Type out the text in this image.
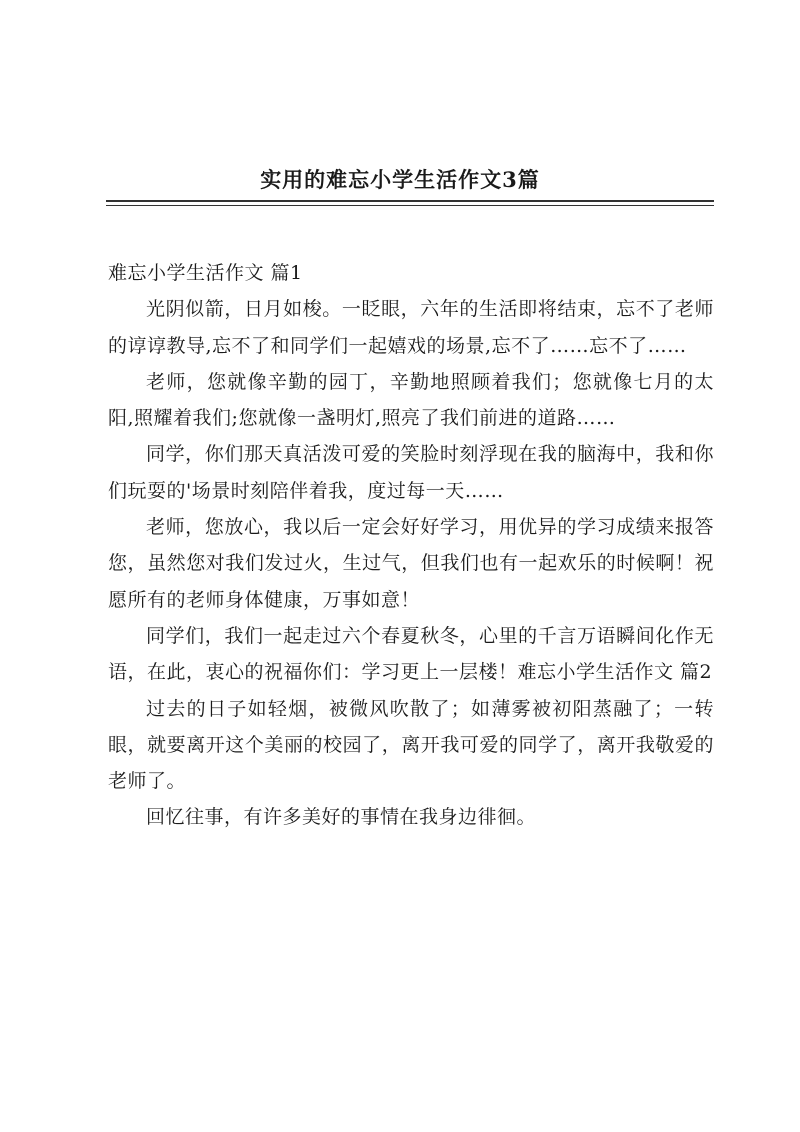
实用的难忘小学生活作文3篇

难忘小学生活作文 篇1

光阴似箭，日月如梭。一眨眼，六年的生活即将结束，忘不了老师的谆谆教导,忘不了和同学们一起嬉戏的场景,忘不了……忘不了……

老师，您就像辛勤的园丁，辛勤地照顾着我们；您就像七月的太阳,照耀着我们;您就像一盏明灯,照亮了我们前进的道路……

同学，你们那天真活泼可爱的笑脸时刻浮现在我的脑海中，我和你们玩耍的'场景时刻陪伴着我，度过每一天……

老师，您放心，我以后一定会好好学习，用优异的学习成绩来报答您，虽然您对我们发过火，生过气，但我们也有一起欢乐的时候啊！祝愿所有的老师身体健康，万事如意！

同学们，我们一起走过六个春夏秋冬，心里的千言万语瞬间化作无语，在此，衷心的祝福你们：学习更上一层楼！难忘小学生活作文 篇2

过去的日子如轻烟，被微风吹散了；如薄雾被初阳蒸融了；一转眼，就要离开这个美丽的校园了，离开我可爱的同学了，离开我敬爱的老师了。

回忆往事，有许多美好的事情在我身边徘徊。
